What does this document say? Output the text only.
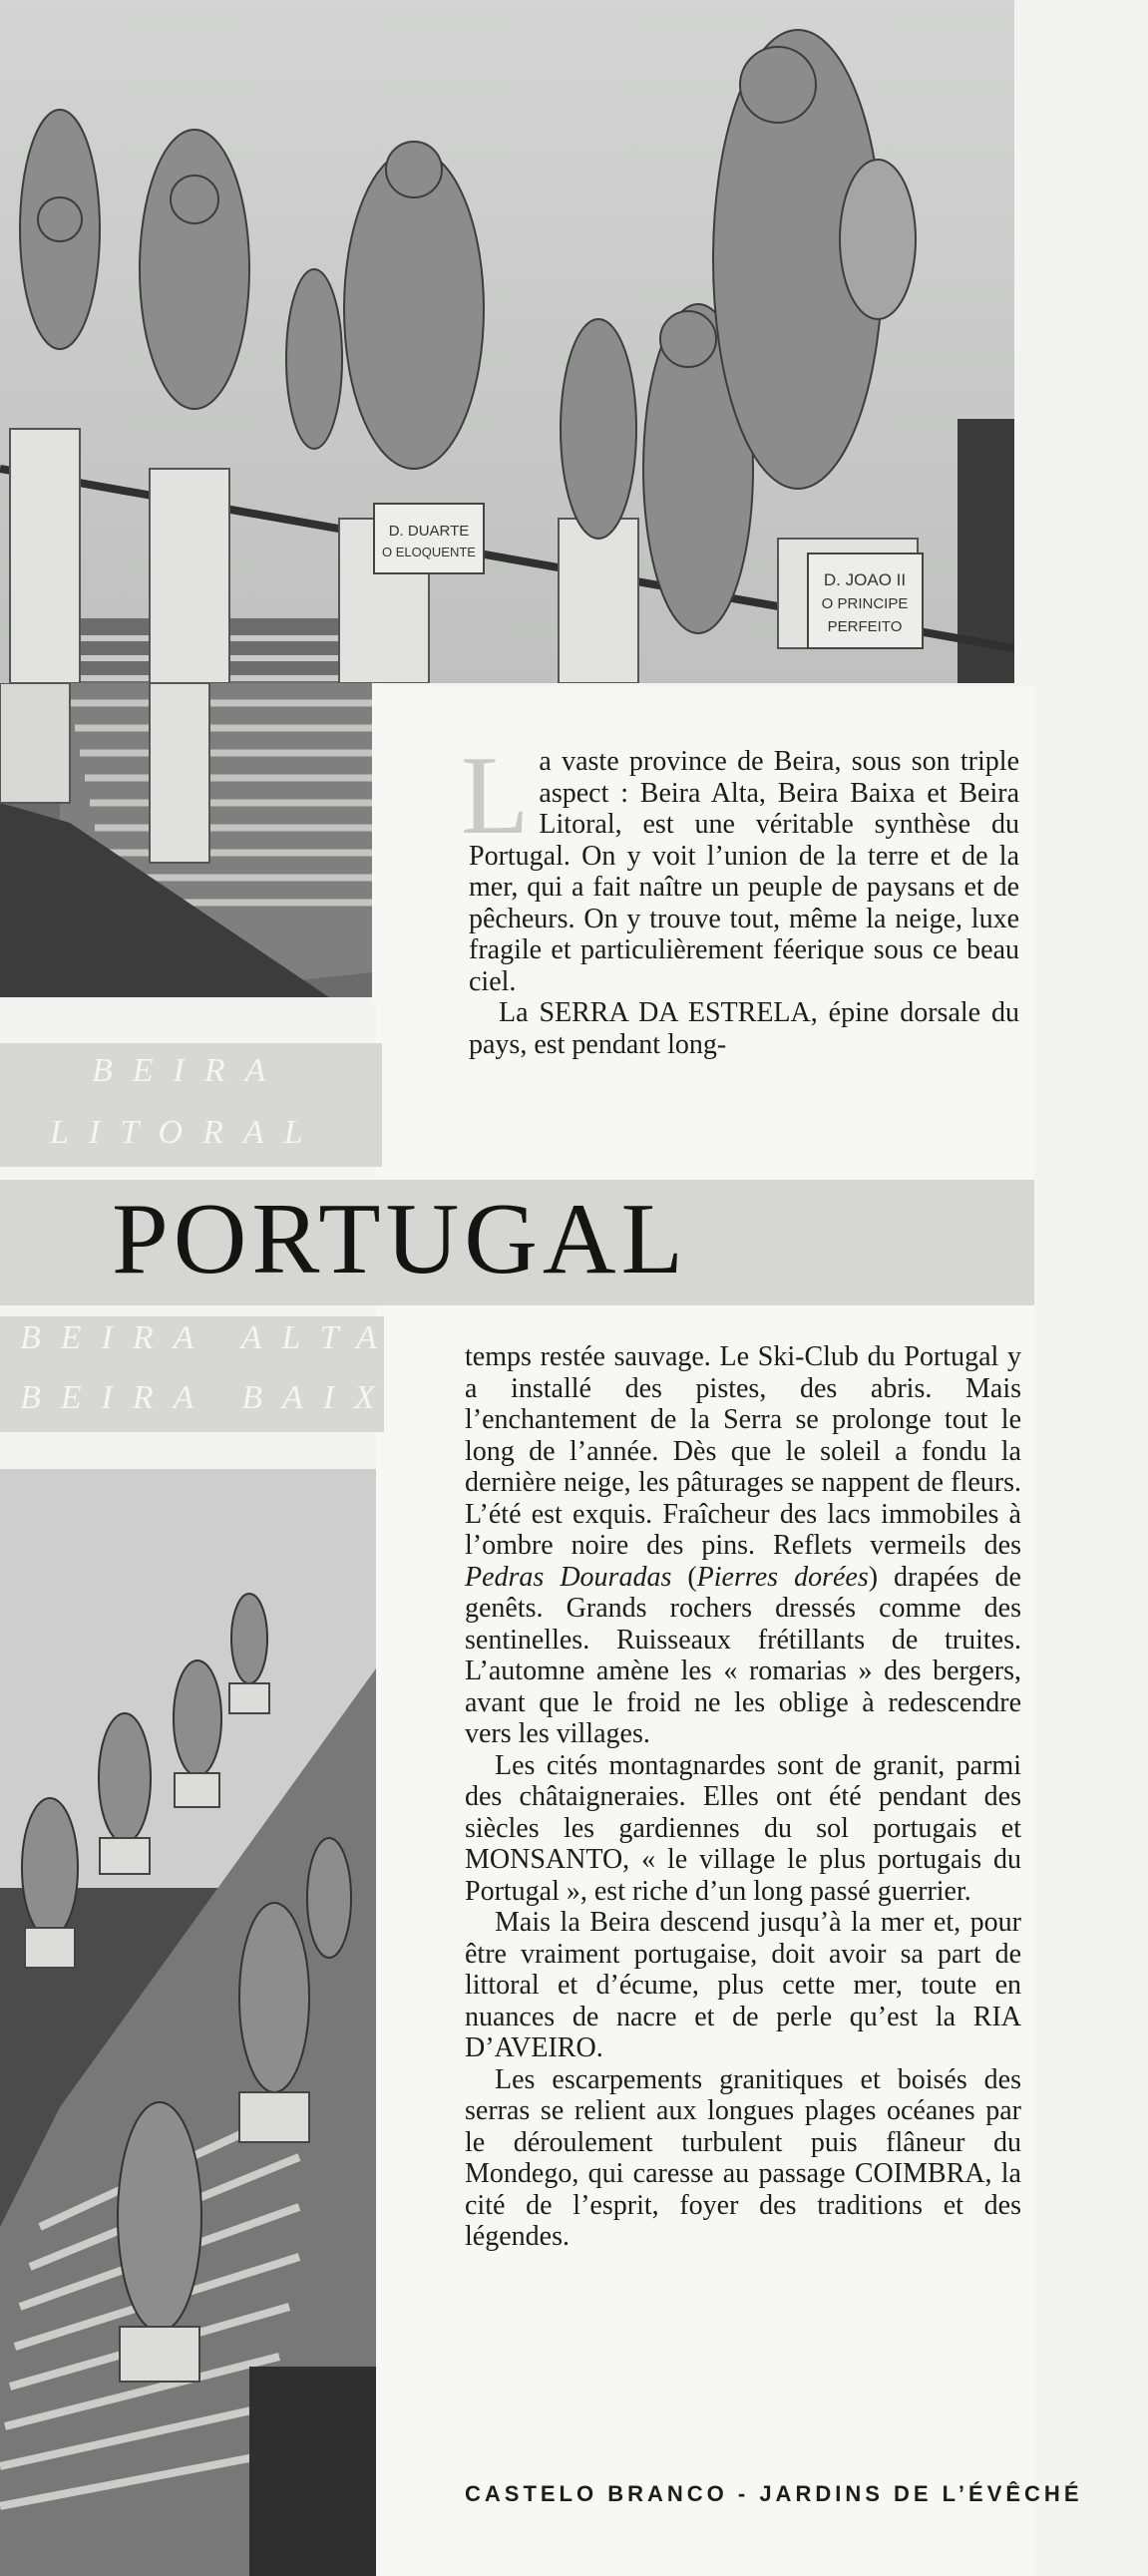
D. DUARTE
O ELOQUENTE
D. JOAO II
O PRINCIPE
PERFEITO

La vaste province de Beira, sous son triple aspect : Beira Alta, Beira Baixa et Beira Litoral, est une véritable synthèse du Portugal. On y voit l’union de la terre et de la mer, qui a fait naître un peuple de paysans et de pêcheurs. On y trouve tout, même la neige, luxe fragile et particulièrement féerique sous ce beau ciel.

La SERRA DA ESTRELA, épine dorsale du pays, est pendant long-

BEIRA
LITORAL
PORTUGAL
BEIRA ALTA
BEIRA BAIXA

temps restée sauvage. Le Ski-Club du Portugal y a installé des pistes, des abris. Mais l’enchantement de la Serra se prolonge tout le long de l’année. Dès que le soleil a fondu la dernière neige, les pâturages se nappent de fleurs. L’été est exquis. Fraîcheur des lacs immobiles à l’ombre noire des pins. Reflets vermeils des Pedras Douradas (Pierres dorées) drapées de genêts. Grands rochers dressés comme des sentinelles. Ruisseaux frétillants de truites. L’automne amène les « romarias » des bergers, avant que le froid ne les oblige à redescendre vers les villages.

Les cités montagnardes sont de granit, parmi des châtaigneraies. Elles ont été pendant des siècles les gardiennes du sol portugais et MONSANTO, « le village le plus portugais du Portugal », est riche d’un long passé guerrier.

Mais la Beira descend jusqu’à la mer et, pour être vraiment portugaise, doit avoir sa part de littoral et d’écume, plus cette mer, toute en nuances de nacre et de perle qu’est la RIA D’AVEIRO.

Les escarpements granitiques et boisés des serras se relient aux longues plages océanes par le déroulement turbulent puis flâneur du Mondego, qui caresse au passage COIMBRA, la cité de l’esprit, foyer des traditions et des légendes.

CASTELO BRANCO - JARDINS DE L’ÉVÊCHÉ
